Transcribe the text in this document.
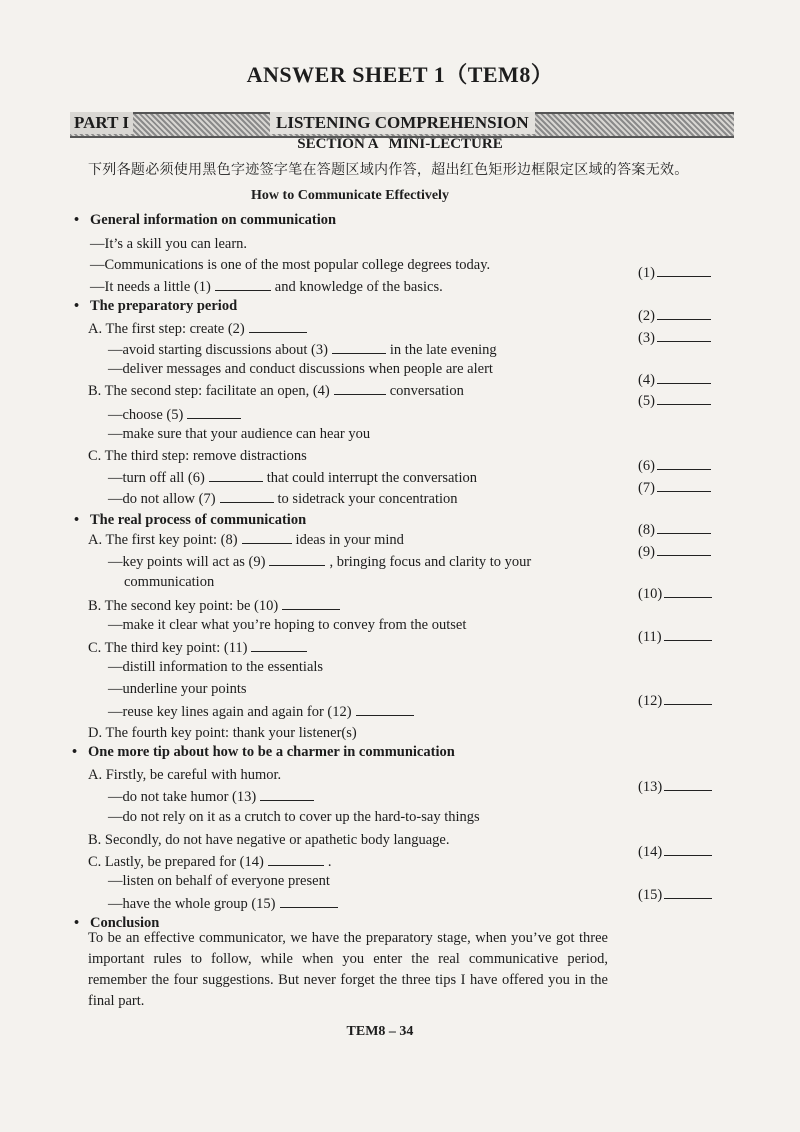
ANSWER SHEET 1（TEM8）
PART I	LISTENING COMPREHENSION
SECTION A MINI-LECTURE
下列各题必须使用黑色字迹签字笔在答题区域内作答，超出红色矩形边框限定区域的答案无效。
How to Communicate Effectively
• General information on communication
—It’s a skill you can learn.
—Communications is one of the most popular college degrees today.
—It needs a little (1)	and knowledge of the basics.
• The preparatory period
A. The first step: create (2)
—avoid starting discussions about (3)	in the late evening
—deliver messages and conduct discussions when people are alert
B. The second step: facilitate an open, (4)	conversation
—choose (5)
—make sure that your audience can hear you
C. The third step: remove distractions
—turn off all (6)	that could interrupt the conversation
—do not allow (7)	to sidetrack your concentration
• The real process of communication
A. The first key point: (8)	ideas in your mind
—key points will act as (9)	, bringing focus and clarity to your
communication
B. The second key point: be (10)
—make it clear what you’re hoping to convey from the outset
C. The third key point: (11)
—distill information to the essentials
—underline your points
—reuse key lines again and again for (12)
D. The fourth key point: thank your listener(s)
• One more tip about how to be a charmer in communication
A. Firstly, be careful with humor.
—do not take humor (13)
—do not rely on it as a crutch to cover up the hard-to-say things
B. Secondly, do not have negative or apathetic body language.
C. Lastly, be prepared for (14)	.
—listen on behalf of everyone present
—have the whole group (15)
• Conclusion
(1)
(2)
(3)
(4)
(5)
(6)
(7)
(8)
(9)
(10)
(11)
(12)
(13)
(14)
(15)
To be an effective communicator, we have the preparatory stage, when you’ve got three important rules to follow, while when you enter the real communicative period, remember the four suggestions. But never forget the three tips I have offered you in the final part.
TEM8 – 34
